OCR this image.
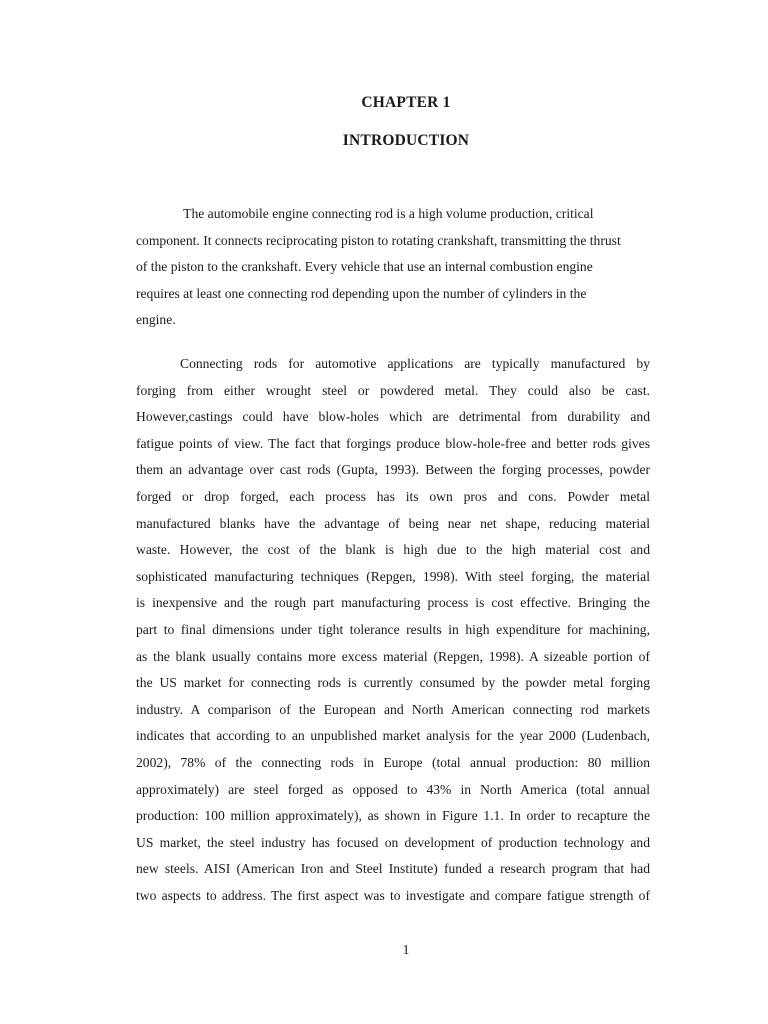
CHAPTER 1
INTRODUCTION
The automobile engine connecting rod is a high volume production, critical
component. It connects reciprocating piston to rotating crankshaft, transmitting the thrust
of the piston to the crankshaft. Every vehicle that use an internal combustion engine
requires at least one connecting rod depending upon the number of cylinders in the
engine.
Connecting rods for automotive applications are typically manufactured by
forging from either wrought steel or powdered metal. They could also be cast.
However,castings could have blow-holes which are detrimental from durability and
fatigue points of view. The fact that forgings produce blow-hole-free and better rods gives
them an advantage over cast rods (Gupta, 1993). Between the forging processes, powder
forged or drop forged, each process has its own pros and cons. Powder metal
manufactured blanks have the advantage of being near net shape, reducing material
waste. However, the cost of the blank is high due to the high material cost and
sophisticated manufacturing techniques (Repgen, 1998). With steel forging, the material
is inexpensive and the rough part manufacturing process is cost effective. Bringing the
part to final dimensions under tight tolerance results in high expenditure for machining,
as the blank usually contains more excess material (Repgen, 1998). A sizeable portion of
the US market for connecting rods is currently consumed by the powder metal forging
industry. A comparison of the European and North American connecting rod markets
indicates that according to an unpublished market analysis for the year 2000 (Ludenbach,
2002), 78% of the connecting rods in Europe (total annual production: 80 million
approximately) are steel forged as opposed to 43% in North America (total annual
production: 100 million approximately), as shown in Figure 1.1. In order to recapture the
US market, the steel industry has focused on development of production technology and
new steels. AISI (American Iron and Steel Institute) funded a research program that had
two aspects to address. The first aspect was to investigate and compare fatigue strength of
1
